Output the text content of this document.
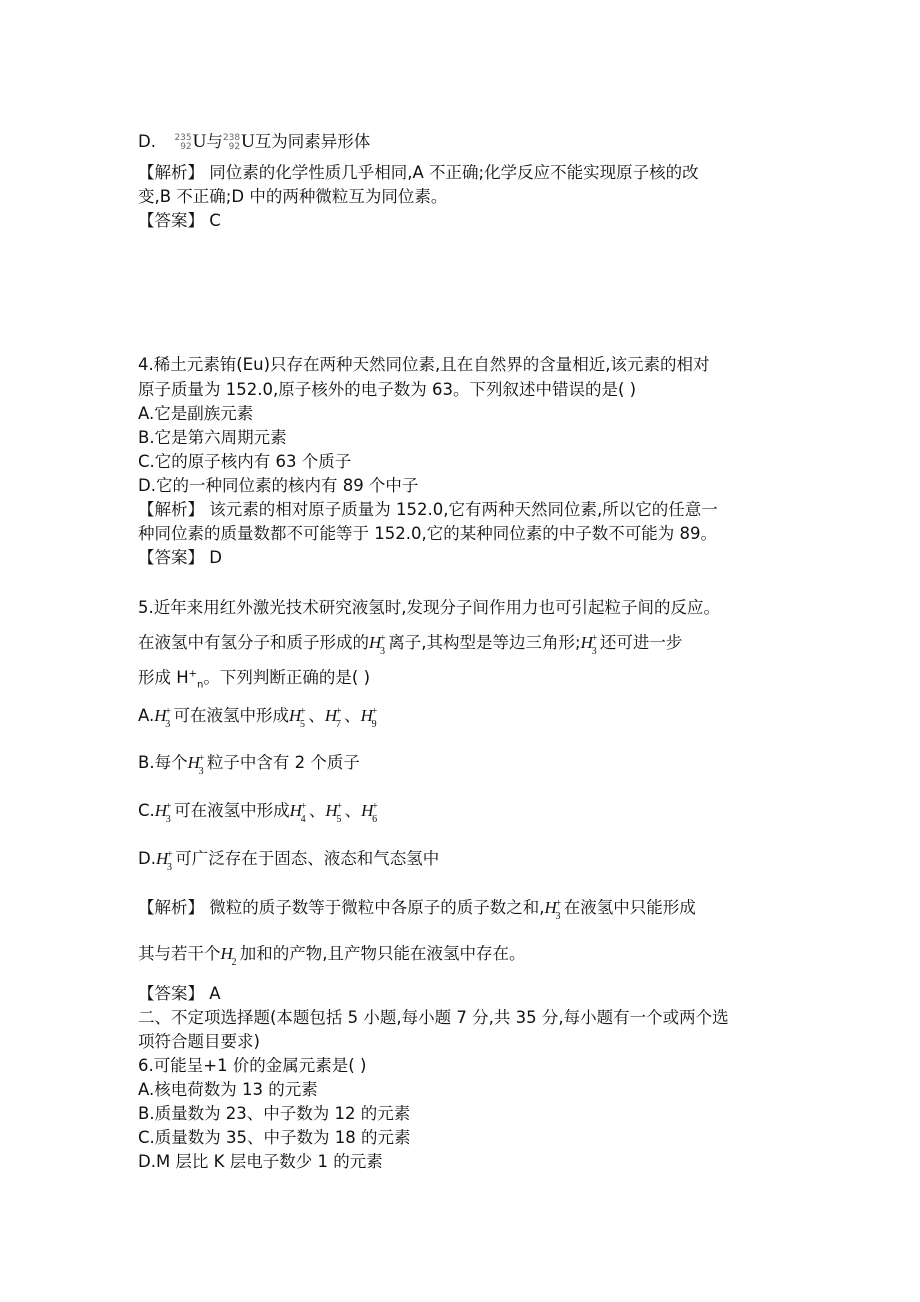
D. 235
92U与238
92U互为同素异形体
【解析】 同位素的化学性质几乎相同,A 不正确;化学反应不能实现原子核的改
变,B 不正确;D 中的两种微粒互为同位素。
【答案】 C
4.稀土元素铕(Eu)只存在两种天然同位素,且在自然界的含量相近,该元素的相对
原子质量为 152.0,原子核外的电子数为 63。下列叙述中错误的是( )
A.它是副族元素
B.它是第六周期元素
C.它的原子核内有 63 个质子
D.它的一种同位素的核内有 89 个中子
【解析】 该元素的相对原子质量为 152.0,它有两种天然同位素,所以它的任意一
种同位素的质量数都不可能等于 152.0,它的某种同位素的中子数不可能为 89。
【答案】 D
5.近年来用红外激光技术研究液氢时,发现分子间作用力也可引起粒子间的反应。
在液氢中有氢分子和质子形成的H
+
3 离子,其构型是等边三角形;H
+
3 还可进一步
形成 $H^+_n$。下列判断正确的是( )
A.H
+
3 可在液氢中形成H
+
5 、H
+
7 、H
+
9
B.每个H
+
3 粒子中含有 2 个质子
C.H
+
3 可在液氢中形成H
+
4 、H
+
5 、H
+
6
D.H
+
3 可广泛存在于固态、液态和气态氢中
【解析】 微粒的质子数等于微粒中各原子的质子数之和,H
+
3 在液氢中只能形成
其与若干个H
2 加和的产物,且产物只能在液氢中存在。
【答案】 A
二、不定项选择题(本题包括 5 小题,每小题 7 分,共 35 分,每小题有一个或两个选
项符合题目要求)
6.可能呈+1 价的金属元素是( )
A.核电荷数为 13 的元素
B.质量数为 23、中子数为 12 的元素
C.质量数为 35、中子数为 18 的元素
D.M 层比 K 层电子数少 1 的元素
